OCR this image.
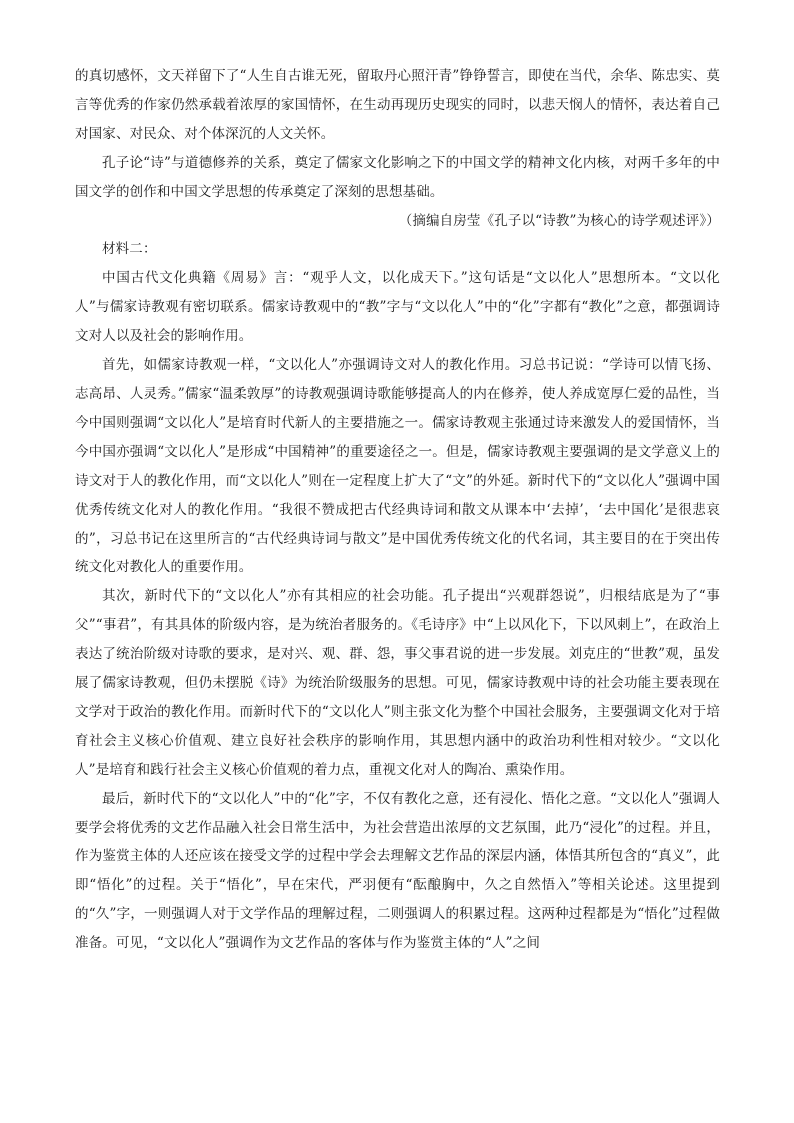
的真切感怀，文天祥留下了“人生自古谁无死，留取丹心照汗青”铮铮誓言，即使在当代，余华、陈忠实、莫言等优秀的作家仍然承载着浓厚的家国情怀，在生动再现历史现实的同时，以悲天悯人的情怀，表达着自己对国家、对民众、对个体深沉的人文关怀。

孔子论“诗”与道德修养的关系，奠定了儒家文化影响之下的中国文学的精神文化内核，对两千多年的中国文学的创作和中国文学思想的传承奠定了深刻的思想基础。

（摘编自房莹《孔子以“诗教”为核心的诗学观述评》）

材料二：

中国古代文化典籍《周易》言：“观乎人文，以化成天下。”这句话是“文以化人”思想所本。“文以化人”与儒家诗教观有密切联系。儒家诗教观中的“教”字与“文以化人”中的“化”字都有“教化”之意，都强调诗文对人以及社会的影响作用。

首先，如儒家诗教观一样，“文以化人”亦强调诗文对人的教化作用。习总书记说：“学诗可以情飞扬、志高昂、人灵秀。”儒家“温柔敦厚”的诗教观强调诗歌能够提高人的内在修养，使人养成宽厚仁爱的品性，当今中国则强调“文以化人”是培育时代新人的主要措施之一。儒家诗教观主张通过诗来激发人的爱国情怀，当今中国亦强调“文以化人”是形成“中国精神”的重要途径之一。但是，儒家诗教观主要强调的是文学意义上的诗文对于人的教化作用，而“文以化人”则在一定程度上扩大了“文”的外延。新时代下的“文以化人”强调中国优秀传统文化对人的教化作用。“我很不赞成把古代经典诗词和散文从课本中‘去掉’，‘去中国化’是很悲哀的”，习总书记在这里所言的“古代经典诗词与散文”是中国优秀传统文化的代名词，其主要目的在于突出传统文化对教化人的重要作用。

其次，新时代下的“文以化人”亦有其相应的社会功能。孔子提出“兴观群怨说”，归根结底是为了“事父”“事君”，有其具体的阶级内容，是为统治者服务的。《毛诗序》中“上以风化下，下以风刺上”，在政治上表达了统治阶级对诗歌的要求，是对兴、观、群、怨，事父事君说的进一步发展。刘克庄的“世教”观，虽发展了儒家诗教观，但仍未摆脱《诗》为统治阶级服务的思想。可见，儒家诗教观中诗的社会功能主要表现在文学对于政治的教化作用。而新时代下的“文以化人”则主张文化为整个中国社会服务，主要强调文化对于培育社会主义核心价值观、建立良好社会秩序的影响作用，其思想内涵中的政治功利性相对较少。“文以化人”是培育和践行社会主义核心价值观的着力点，重视文化对人的陶冶、熏染作用。

最后，新时代下的“文以化人”中的“化”字，不仅有教化之意，还有浸化、悟化之意。“文以化人”强调人要学会将优秀的文艺作品融入社会日常生活中，为社会营造出浓厚的文艺氛围，此乃“浸化”的过程。并且，作为鉴赏主体的人还应该在接受文学的过程中学会去理解文艺作品的深层内涵，体悟其所包含的“真义”，此即“悟化”的过程。关于“悟化”，早在宋代，严羽便有“酝酿胸中，久之自然悟入”等相关论述。这里提到的“久”字，一则强调人对于文学作品的理解过程，二则强调人的积累过程。这两种过程都是为“悟化”过程做准备。可见，“文以化人”强调作为文艺作品的客体与作为鉴赏主体的“人”之间
